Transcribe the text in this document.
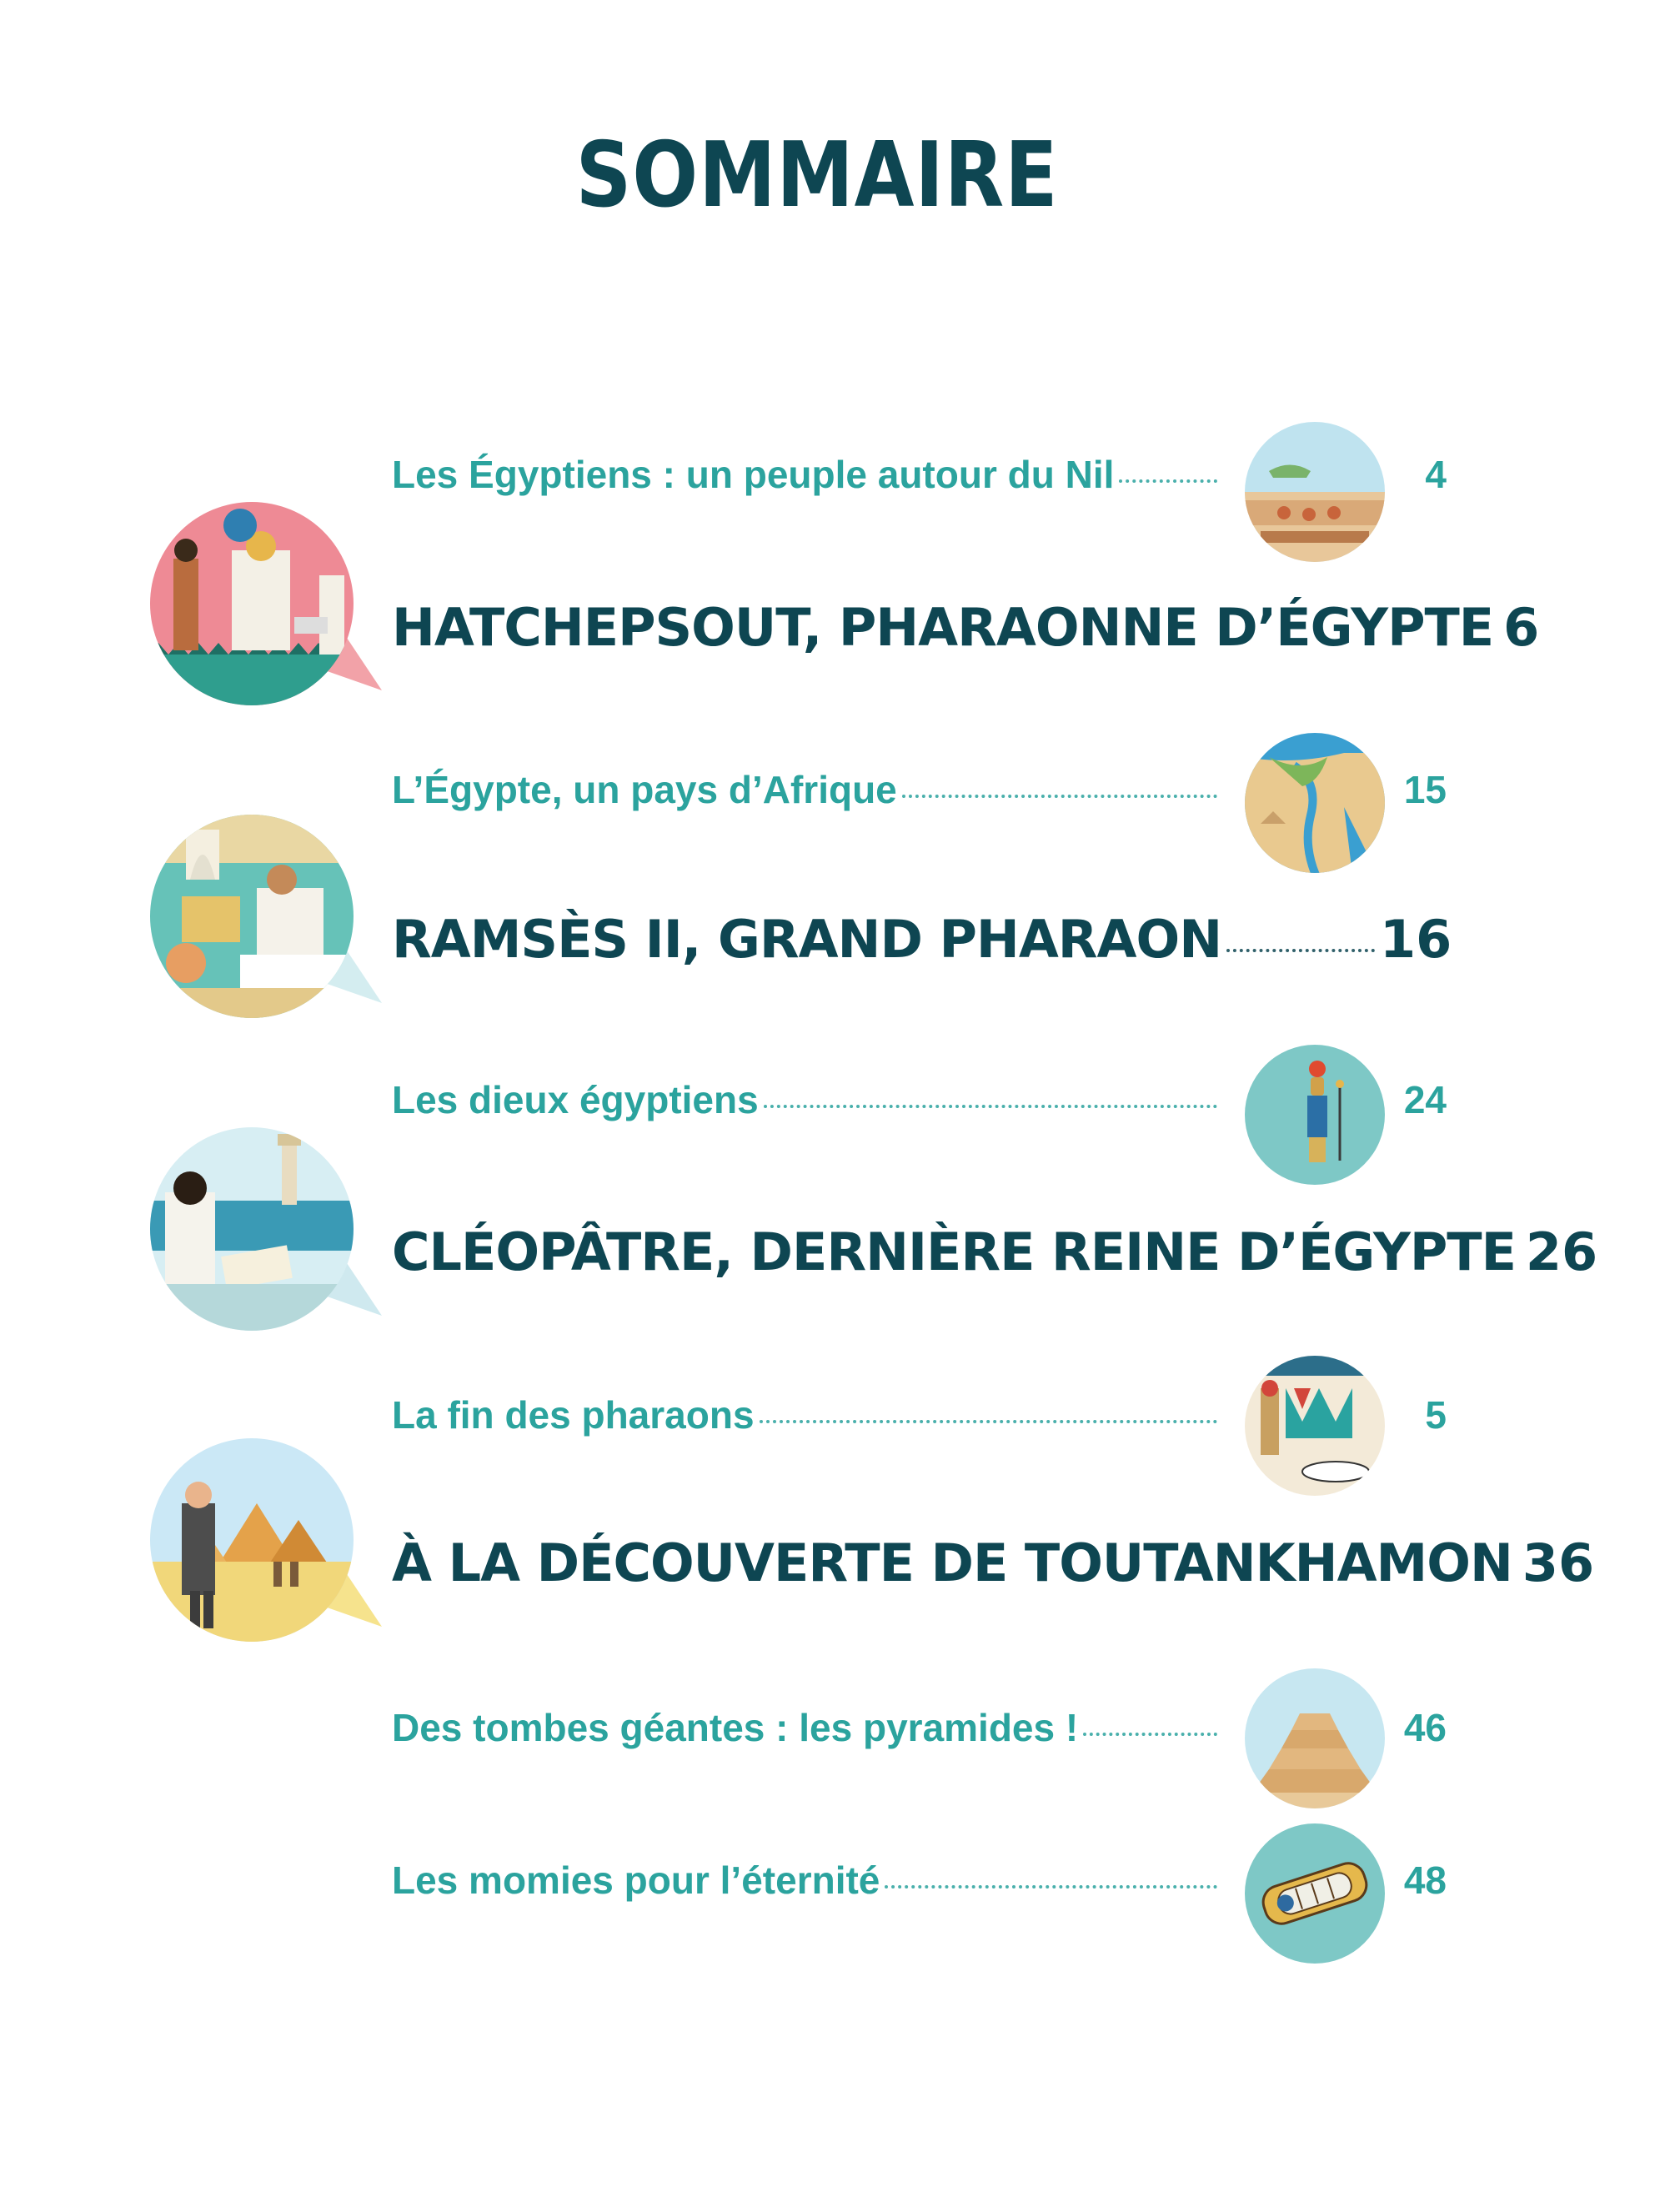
SOMMAIRE
Les Égyptiens : un peuple autour du Nil	4
HATCHEPSOUT, PHARAONNE D’ÉGYPTE 6
L’Égypte, un pays d’Afrique	15
RAMSÈS II, GRAND PHARAON	16
Les dieux égyptiens	24
CLÉOPÂTRE, DERNIÈRE REINE D’ÉGYPTE 26
La fin des pharaons	5
À LA DÉCOUVERTE DE TOUTANKHAMON 36
Des tombes géantes : les pyramides !	46
Les momies pour l’éternité	48
